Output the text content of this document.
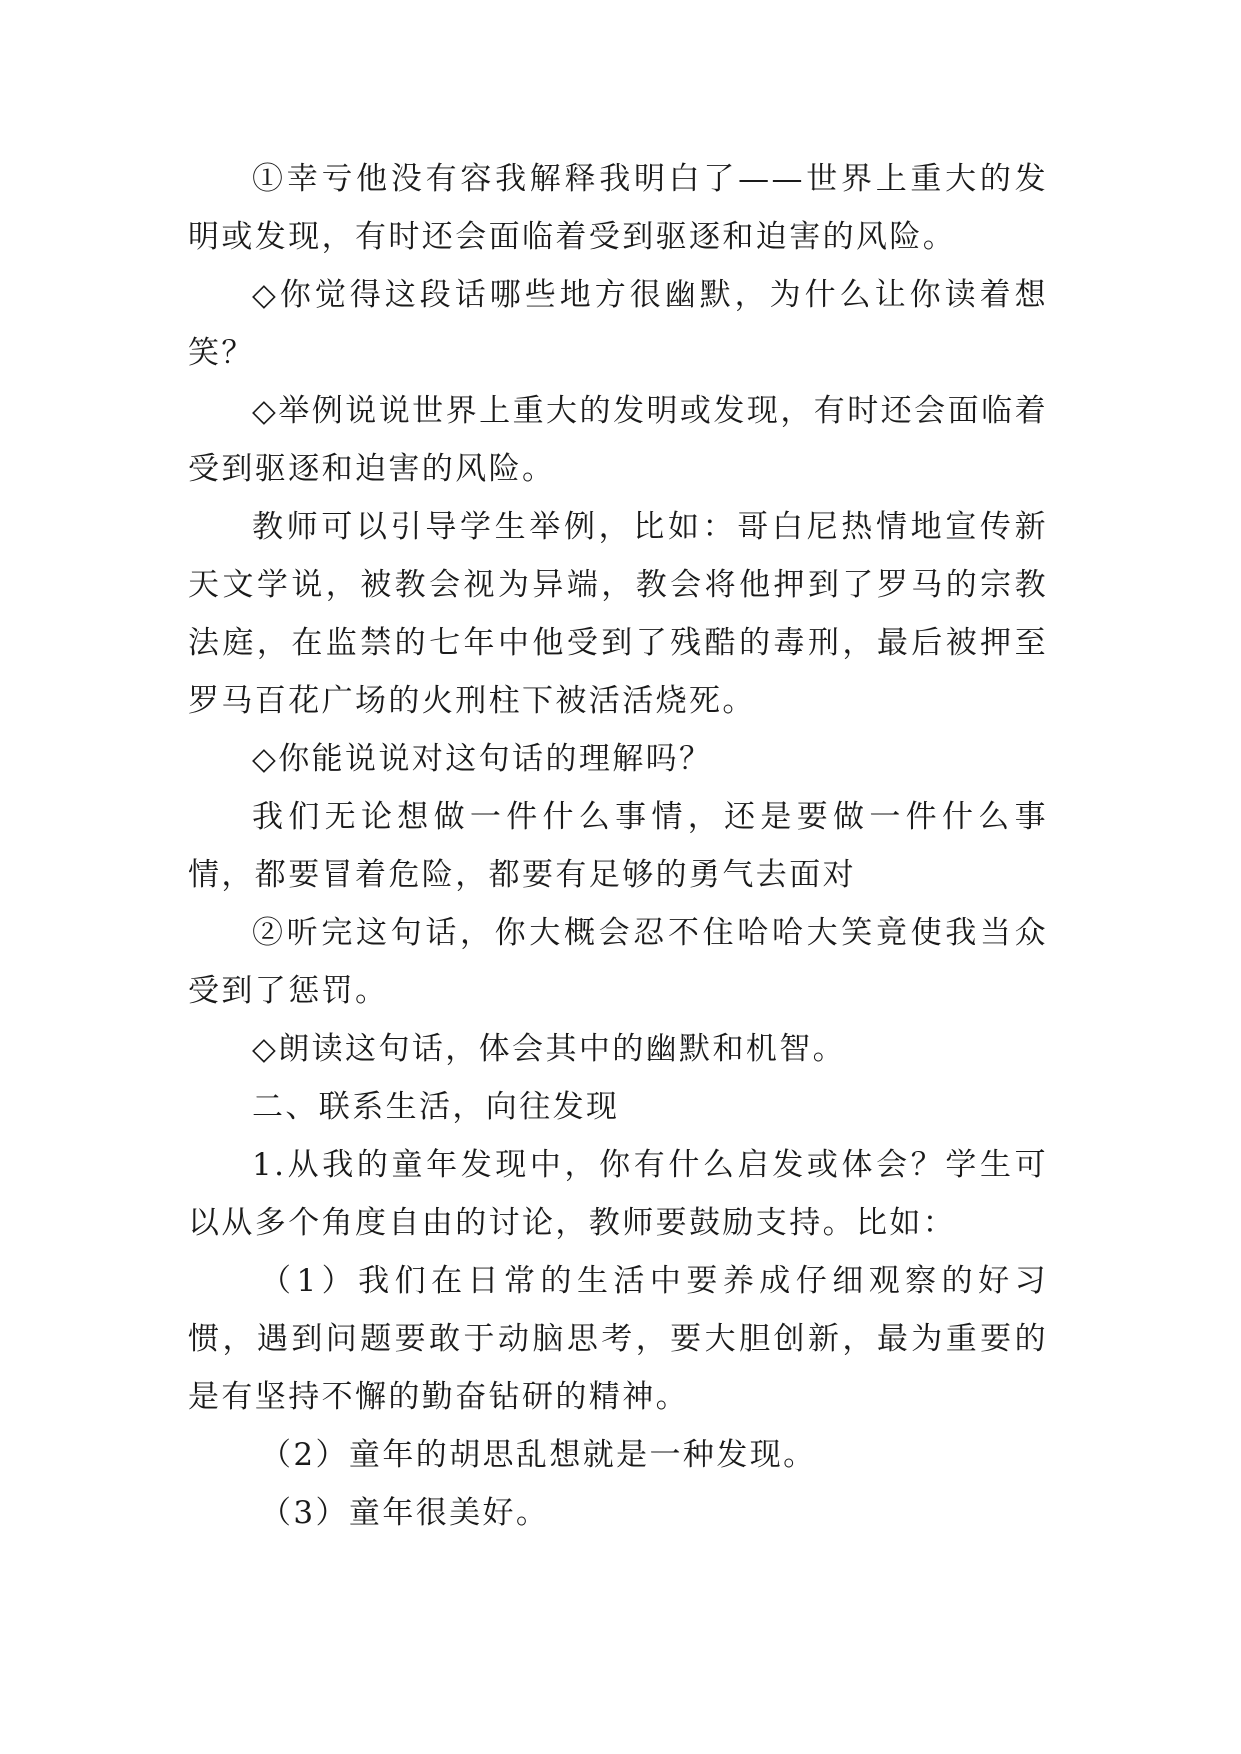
①幸亏他没有容我解释我明白了——世界上重大的发明或发现，有时还会面临着受到驱逐和迫害的风险。

◇你觉得这段话哪些地方很幽默，为什么让你读着想笑？

◇举例说说世界上重大的发明或发现，有时还会面临着受到驱逐和迫害的风险。

教师可以引导学生举例，比如：哥白尼热情地宣传新天文学说，被教会视为异端，教会将他押到了罗马的宗教法庭，在监禁的七年中他受到了残酷的毒刑，最后被押至罗马百花广场的火刑柱下被活活烧死。

◇你能说说对这句话的理解吗？

我们无论想做一件什么事情，还是要做一件什么事情，都要冒着危险，都要有足够的勇气去面对

②听完这句话，你大概会忍不住哈哈大笑竟使我当众受到了惩罚。

◇朗读这句话，体会其中的幽默和机智。

二、联系生活，向往发现

1.从我的童年发现中，你有什么启发或体会？学生可以从多个角度自由的讨论，教师要鼓励支持。比如：

（1）我们在日常的生活中要养成仔细观察的好习惯，遇到问题要敢于动脑思考，要大胆创新，最为重要的是有坚持不懈的勤奋钻研的精神。

（2）童年的胡思乱想就是一种发现。

（3）童年很美好。
